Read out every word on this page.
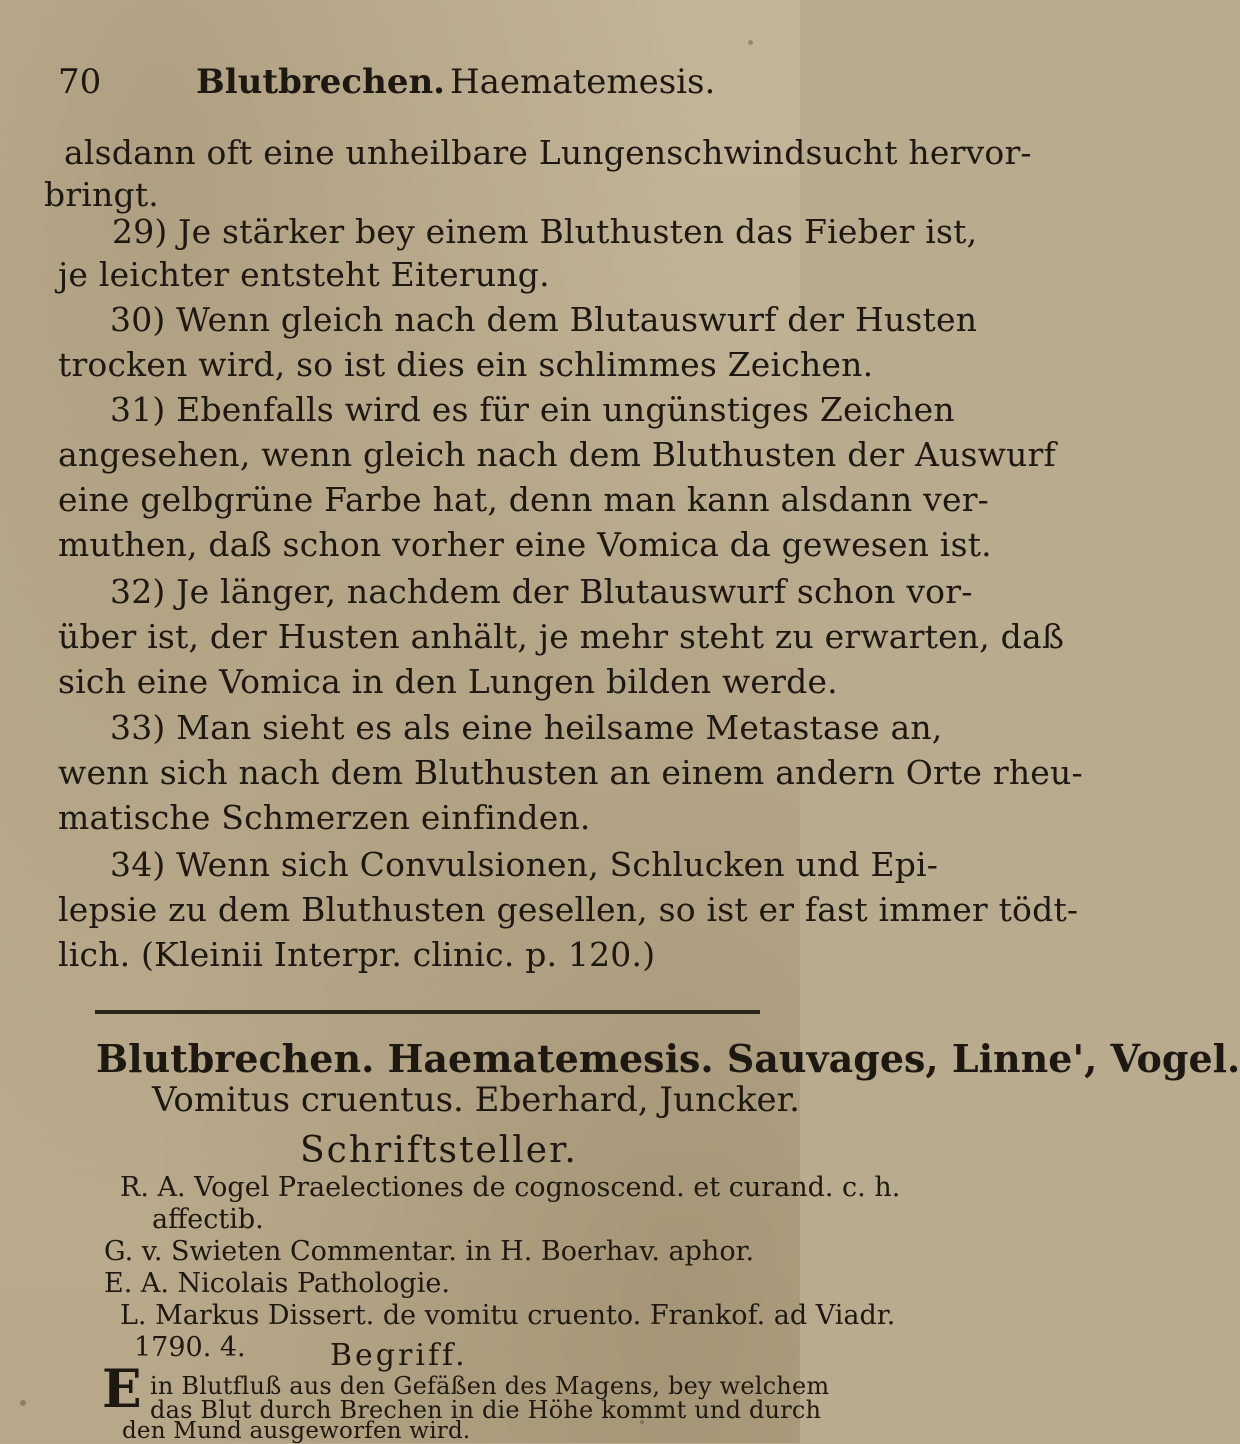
70	Blutbrechen. Haematemesis.
alsdann oft eine unheilbare Lungenschwindsucht hervor-
bringt.
29) Je stärker bey einem Bluthusten das Fieber ist,
je leichter entsteht Eiterung.
30) Wenn gleich nach dem Blutauswurf der Husten
trocken wird, so ist dies ein schlimmes Zeichen.
31) Ebenfalls wird es für ein ungünstiges Zeichen
angesehen, wenn gleich nach dem Bluthusten der Auswurf
eine gelbgrüne Farbe hat, denn man kann alsdann ver-
muthen, daß schon vorher eine Vomica da gewesen ist.
32) Je länger, nachdem der Blutauswurf schon vor-
über ist, der Husten anhält, je mehr steht zu erwarten, daß
sich eine Vomica in den Lungen bilden werde.
33) Man sieht es als eine heilsame Metastase an,
wenn sich nach dem Bluthusten an einem andern Orte rheu-
matische Schmerzen einfinden.
34) Wenn sich Convulsionen, Schlucken und Epi-
lepsie zu dem Bluthusten gesellen, so ist er fast immer tödt-
lich. (Kleinii Interpr. clinic. p. 120.)
Blutbrechen. Haematemesis. Sauvages, Linne', Vogel.
Vomitus cruentus. Eberhard, Juncker.
Schriftsteller.
R. A. Vogel Praelectiones de cognoscend. et curand. c. h.
affectib.
G. v. Swieten Commentar. in H. Boerhav. aphor.
E. A. Nicolais Pathologie.
L. Markus Dissert. de vomitu cruento. Frankof. ad Viadr.
1790. 4.	Begriff.
E in Blutfluß aus den Gefäßen des Magens, bey welchem
das Blut durch Brechen in die Höhe kommt und durch
den Mund ausgeworfen wird.
